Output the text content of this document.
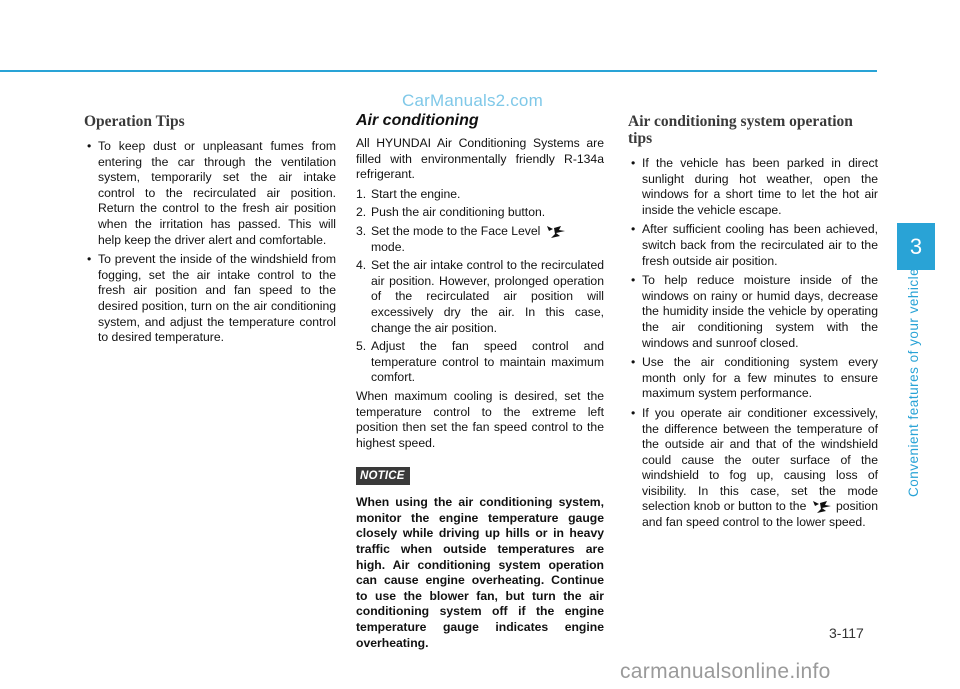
CarManuals2.com
Operation Tips
• To keep dust or unpleasant fumes from entering the car through the ventilation system, temporarily set the air intake control to the recirculated air position. Return the control to the fresh air position when the irritation has passed. This will help keep the driver alert and comfortable.
• To prevent the inside of the windshield from fogging, set the air intake control to the fresh air position and fan speed to the desired position, turn on the air conditioning system, and adjust the temperature control to desired temperature.
Air conditioning

All HYUNDAI Air Conditioning Systems are filled with environmentally friendly R-134a refrigerant.

1. Start the engine.
2. Push the air conditioning button.
3. Set the mode to the Face Level
mode.
4. Set the air intake control to the recirculated air position. However, prolonged operation of the recirculated air position will excessively dry the air. In this case, change the air position.
5. Adjust the fan speed control and temperature control to maintain maximum comfort.

When maximum cooling is desired, set the temperature control to the extreme left position then set the fan speed control to the highest speed.

NOTICE

When using the air conditioning system, monitor the engine temperature gauge closely while driving up hills or in heavy traffic when outside temperatures are high. Air conditioning system operation can cause engine overheating. Continue to use the blower fan, but turn the air conditioning system off if the engine temperature gauge indicates engine overheating.

Air conditioning system operation tips
• If the vehicle has been parked in direct sunlight during hot weather, open the windows for a short time to let the hot air inside the vehicle escape.
• After sufficient cooling has been achieved, switch back from the recirculated air to the fresh outside air position.
• To help reduce moisture inside of the windows on rainy or humid days, decrease the humidity inside the vehicle by operating the air conditioning system with the windows and sunroof closed.
• Use the air conditioning system every month only for a few minutes to ensure maximum system performance.
• If you operate air conditioner excessively, the difference between the temperature of the outside air and that of the windshield could cause the outer surface of the windshield to fog up, causing loss of visibility. In this case, set the mode selection knob or button to the position and fan speed control to the lower speed.
3
Convenient features of your vehicle
3-117
carmanualsonline.info
